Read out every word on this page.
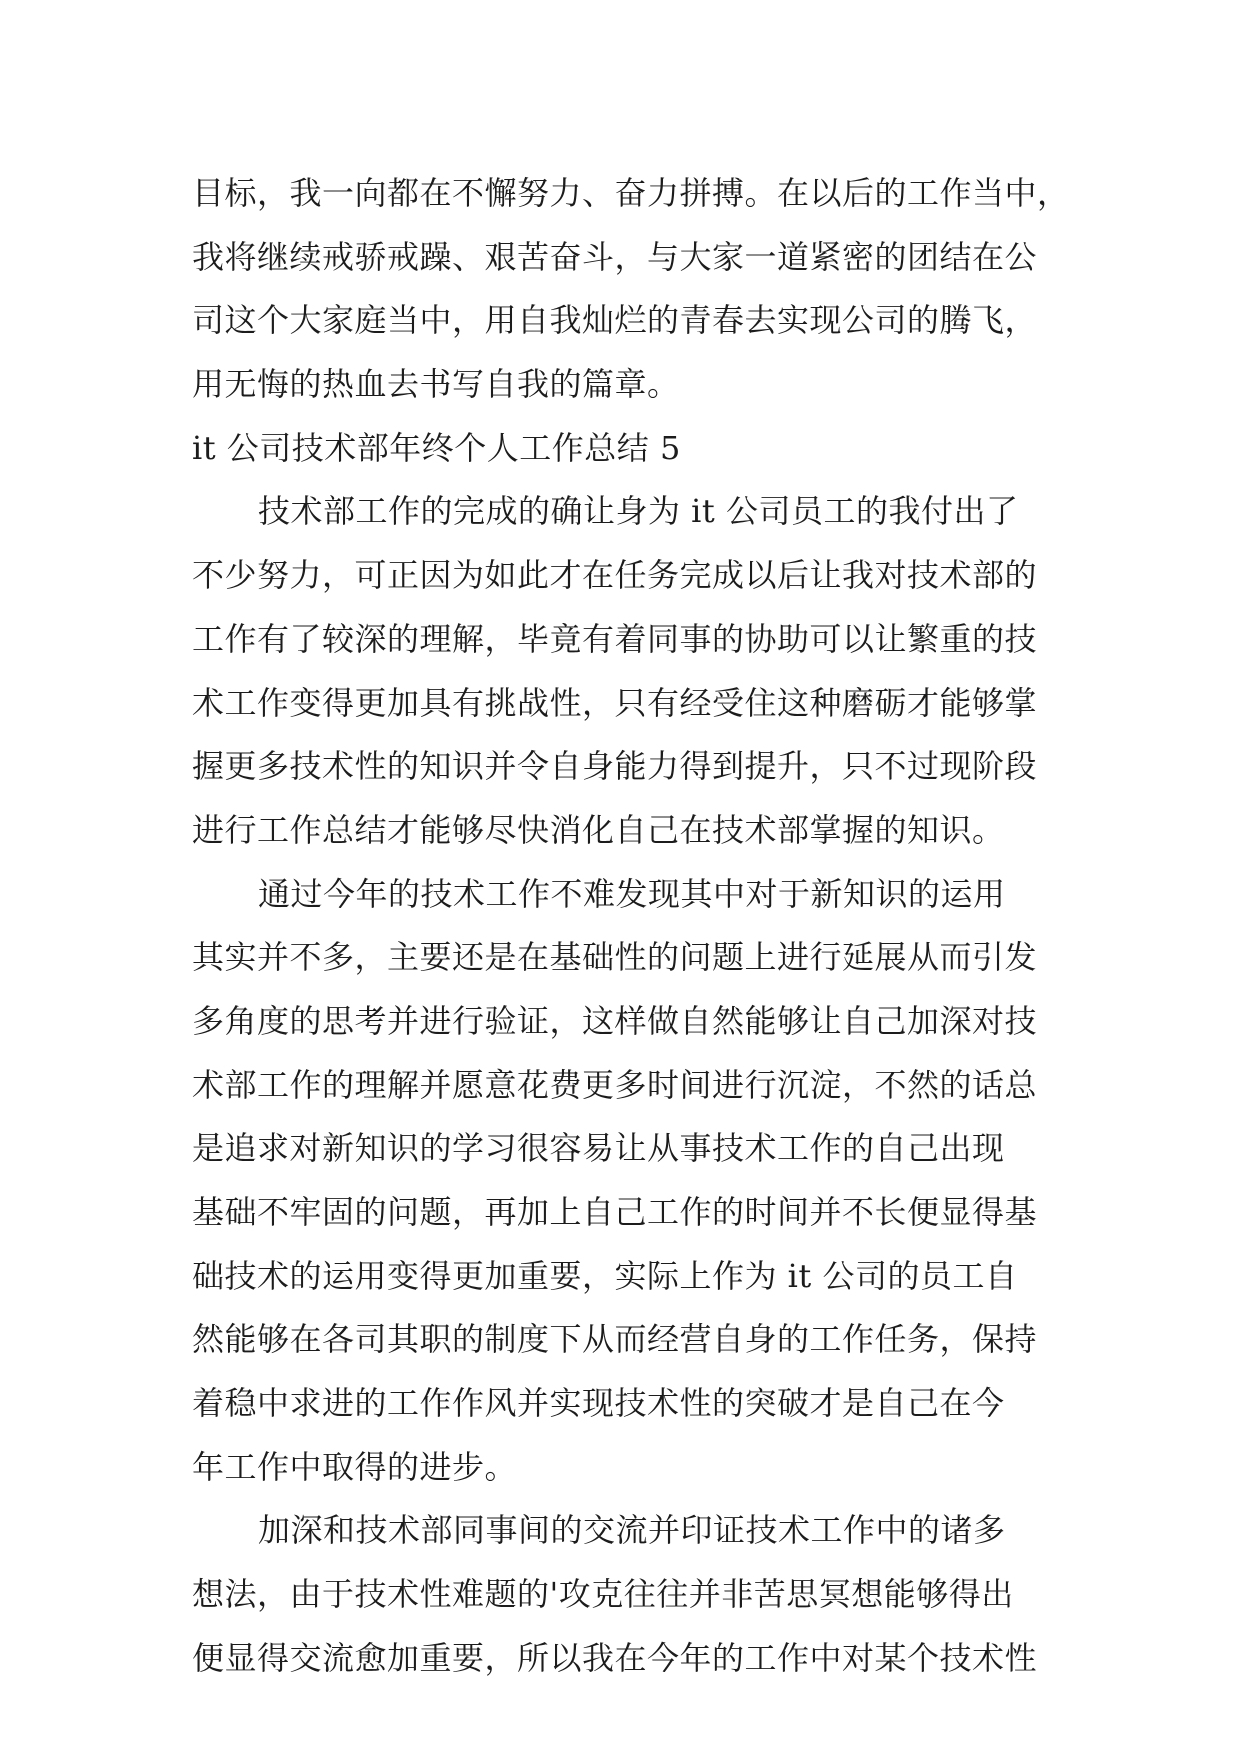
目标，我一向都在不懈努力、奋力拼搏。在以后的工作当中，
我将继续戒骄戒躁、艰苦奋斗，与大家一道紧密的团结在公
司这个大家庭当中，用自我灿烂的青春去实现公司的腾飞，
用无悔的热血去书写自我的篇章。
it 公司技术部年终个人工作总结 5
技术部工作的完成的确让身为 it 公司员工的我付出了
不少努力，可正因为如此才在任务完成以后让我对技术部的
工作有了较深的理解，毕竟有着同事的协助可以让繁重的技
术工作变得更加具有挑战性，只有经受住这种磨砺才能够掌
握更多技术性的知识并令自身能力得到提升，只不过现阶段
进行工作总结才能够尽快消化自己在技术部掌握的知识。
通过今年的技术工作不难发现其中对于新知识的运用
其实并不多，主要还是在基础性的问题上进行延展从而引发
多角度的思考并进行验证，这样做自然能够让自己加深对技
术部工作的理解并愿意花费更多时间进行沉淀，不然的话总
是追求对新知识的学习很容易让从事技术工作的自己出现
基础不牢固的问题，再加上自己工作的时间并不长便显得基
础技术的运用变得更加重要，实际上作为 it 公司的员工自
然能够在各司其职的制度下从而经营自身的工作任务，保持
着稳中求进的工作作风并实现技术性的突破才是自己在今
年工作中取得的进步。
加深和技术部同事间的交流并印证技术工作中的诸多
想法，由于技术性难题的'攻克往往并非苦思冥想能够得出
便显得交流愈加重要，所以我在今年的工作中对某个技术性
